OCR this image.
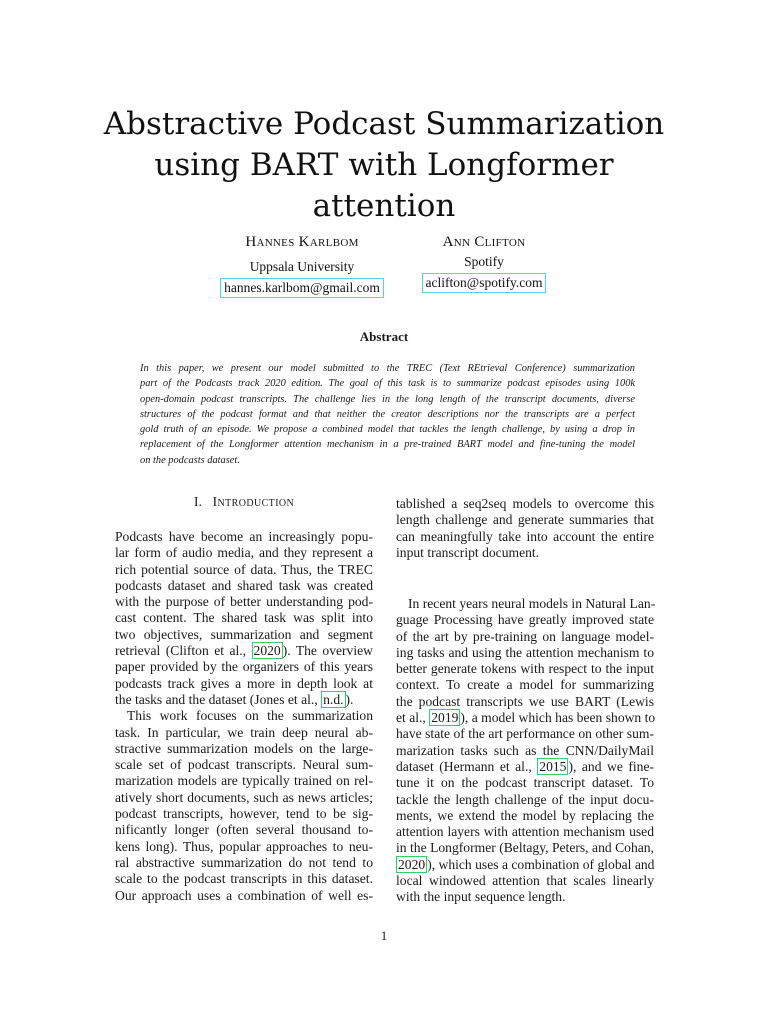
Abstractive Podcast Summarization
using BART with Longformer
attention
Hannes Karlbom
Uppsala University
hannes.karlbom@gmail.com
Ann Clifton
Spotify
aclifton@spotify.com
Abstract
In this paper, we present our model submitted to the TREC (Text REtrieval Conference) summarization
part of the Podcasts track 2020 edition. The goal of this task is to summarize podcast episodes using 100k
open-domain podcast transcripts. The challenge lies in the long length of the transcript documents, diverse
structures of the podcast format and that neither the creator descriptions nor the transcripts are a perfect
gold truth of an episode. We propose a combined model that tackles the length challenge, by using a drop in
replacement of the Longformer attention mechanism in a pre-trained BART model and fine-tuning the model
on the podcasts dataset.
I. Introduction
Podcasts have become an increasingly popu-
lar form of audio media, and they represent a
rich potential source of data. Thus, the TREC
podcasts dataset and shared task was created
with the purpose of better understanding pod-
cast content. The shared task was split into
two objectives, summarization and segment
retrieval (Clifton et al., 2020 ). The overview
paper provided by the organizers of this years
podcasts track gives a more in depth look at
the tasks and the dataset (Jones et al., n.d. ).
This work focuses on the summarization
task. In particular, we train deep neural ab-
stractive summarization models on the large-
scale set of podcast transcripts. Neural sum-
marization models are typically trained on rel-
atively short documents, such as news articles;
podcast transcripts, however, tend to be sig-
nificantly longer (often several thousand to-
kens long). Thus, popular approaches to neu-
ral abstractive summarization do not tend to
scale to the podcast transcripts in this dataset.
Our approach uses a combination of well es-
tablished a seq2seq models to overcome this
length challenge and generate summaries that
can meaningfully take into account the entire
input transcript document.
In recent years neural models in Natural Lan-
guage Processing have greatly improved state
of the art by pre-training on language model-
ing tasks and using the attention mechanism to
better generate tokens with respect to the input
context. To create a model for summarizing
the podcast transcripts we use BART (Lewis
et al., 2019 ), a model which has been shown to
have state of the art performance on other sum-
marization tasks such as the CNN/DailyMail
dataset (Hermann et al., 2015 ), and we fine-
tune it on the podcast transcript dataset. To
tackle the length challenge of the input docu-
ments, we extend the model by replacing the
attention layers with attention mechanism used
in the Longformer (Beltagy, Peters, and Cohan,
2020 ), which uses a combination of global and
local windowed attention that scales linearly
with the input sequence length.
1
